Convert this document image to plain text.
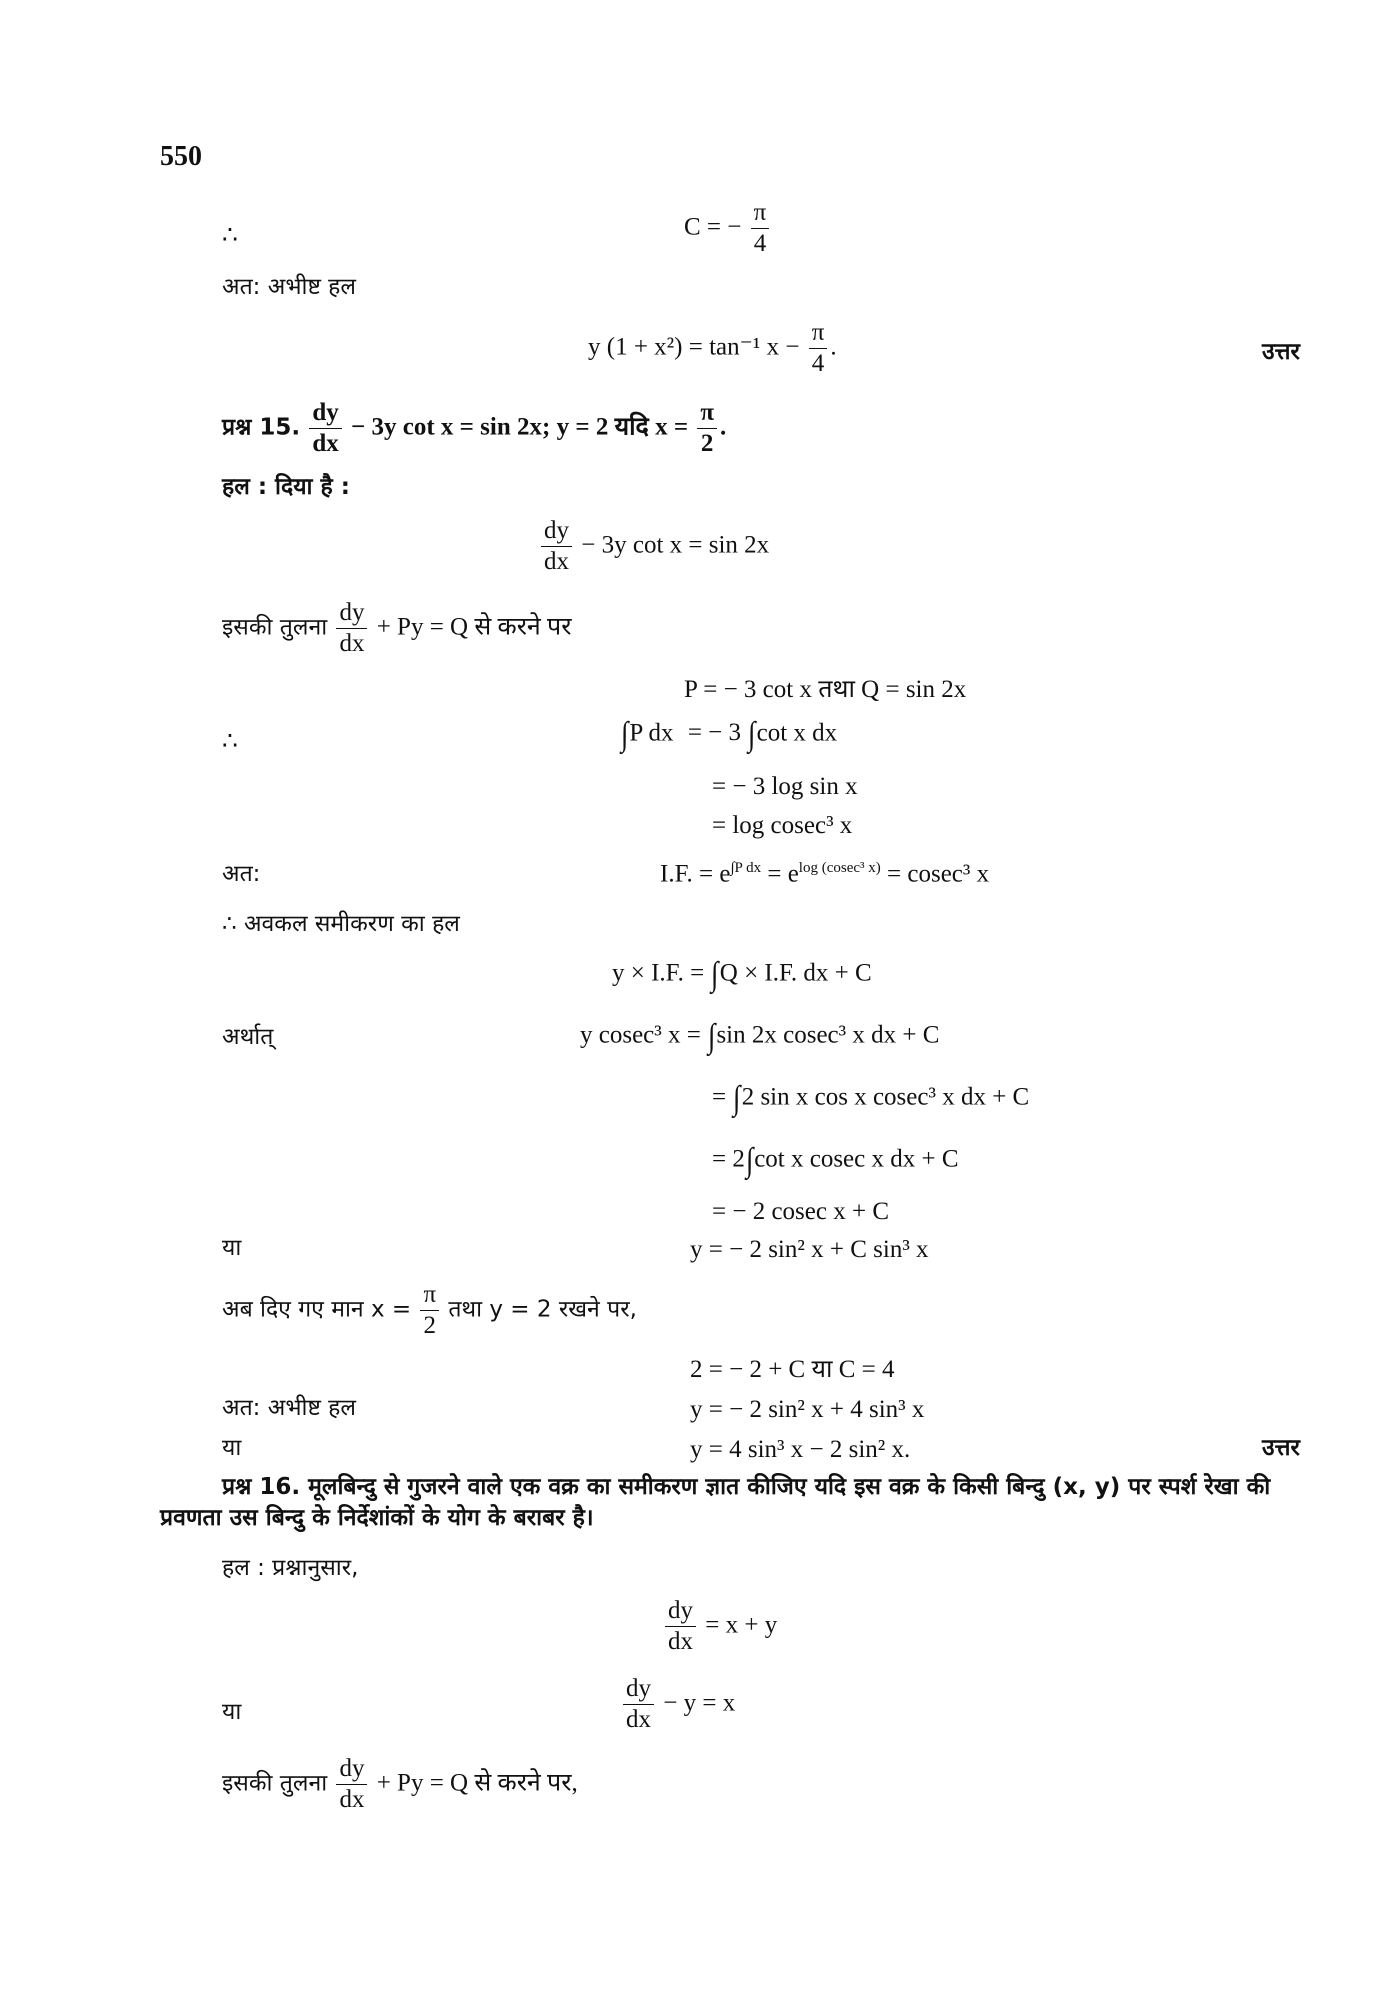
550
∴	C = − $\frac{\pi}{4}$
अत: अभीष्ट हल
y (1 + x²) = tan⁻¹ $x - \frac{\pi}{4}$ .	उत्तर
प्रश्न 15. $\frac{dy}{dx} - 3y$ cot x = sin 2x; y = 2 यदि $x = \frac{\pi}{2}$ .
हल : दिया है :
$\frac{dy}{dx} - 3y$ cot x = sin 2x
इसकी तुलना $\frac{dy}{dx} + Py = Q$ से करने पर
P = − 3 cot x तथा Q = sin 2x
∴	∫P dx = − 3 ∫cot x dx
= − 3 log sin x
= log cosec³ x
अत:	I.F. = $e^{\int P dx} = e^{log (cosec^3 x)} = cosec^3$ x
∴ अवकल समीकरण का हल
y × I.F. = ∫Q × I.F. dx + C
अर्थात्	y cosec³ x = ∫sin 2x cosec³ x dx + C
= ∫2 sin x cos x cosec³ x dx + C
= 2∫cot x cosec x dx + C
= − 2 cosec x + C
या	y = − 2 sin² x + C sin³ x
अब दिए गए मान $x = \frac{\pi}{2}$ तथा y = 2 रखने पर,
2 = − 2 + C या C = 4
अत: अभीष्ट हल	y = − 2 sin² x + 4 sin³ x
या	y = 4 sin³ x − 2 sin² x.	उत्तर
प्रश्न 16. मूलबिन्दु से गुजरने वाले एक वक्र का समीकरण ज्ञात कीजिए यदि इस वक्र के किसी बिन्दु (x, y) पर स्पर्श रेखा की प्रवणता उस बिन्दु के निर्देशांकों के योग के बराबर है।
हल : प्रश्नानुसार,
$\frac{dy}{dx} = x + y$
या	$\frac{dy}{dx} - y = x$
इसकी तुलना $\frac{dy}{dx} + Py = Q$ से करने पर,
